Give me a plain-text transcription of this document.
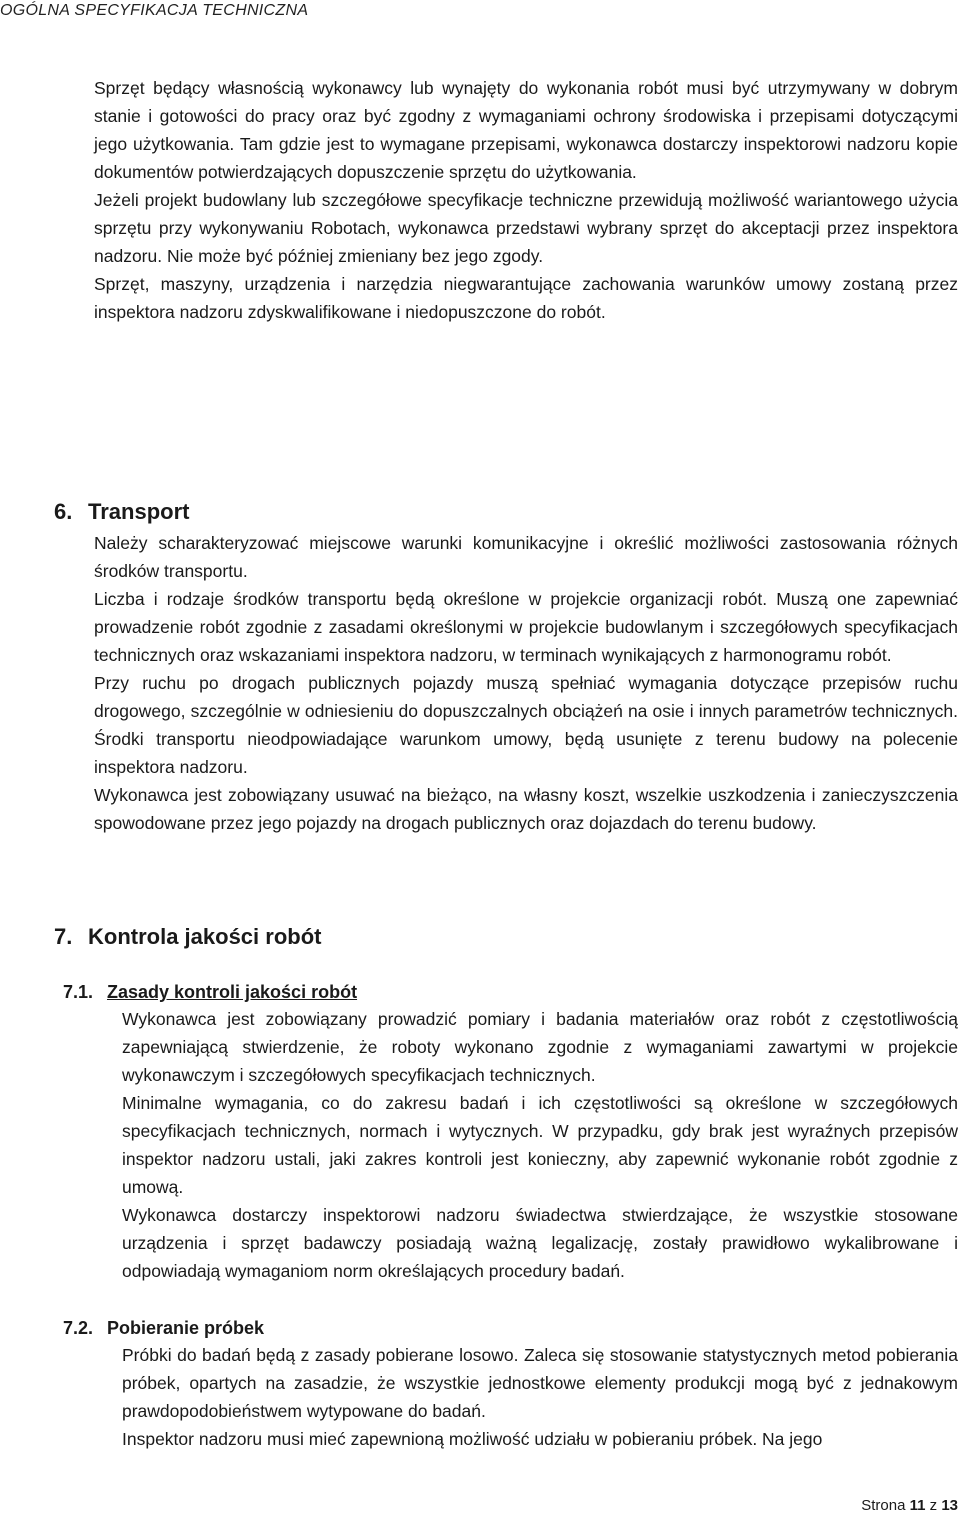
OGÓLNA SPECYFIKACJA TECHNICZNA

Sprzęt będący własnością wykonawcy lub wynajęty do wykonania robót musi być utrzymywany w dobrym stanie i gotowości do pracy oraz być zgodny z wymaganiami ochrony środowiska i przepisami dotyczącymi jego użytkowania. Tam gdzie jest to wymagane przepisami, wykonawca dostarczy inspektorowi nadzoru kopie dokumentów potwierdzających dopuszczenie sprzętu do użytkowania.

Jeżeli projekt budowlany lub szczegółowe specyfikacje techniczne przewidują możliwość wariantowego użycia sprzętu przy wykonywaniu Robotach, wykonawca przedstawi wybrany sprzęt do akceptacji przez inspektora nadzoru. Nie może być później zmieniany bez jego zgody.

Sprzęt, maszyny, urządzenia i narzędzia niegwarantujące zachowania warunków umowy zostaną przez inspektora nadzoru zdyskwalifikowane i niedopuszczone do robót.

6. Transport

Należy scharakteryzować miejscowe warunki komunikacyjne i określić możliwości zastosowania różnych środków transportu.

Liczba i rodzaje środków transportu będą określone w projekcie organizacji robót. Muszą one zapewniać prowadzenie robót zgodnie z zasadami określonymi w projekcie budowlanym i szczegółowych specyfikacjach technicznych oraz wskazaniami inspektora nadzoru, w terminach wynikających z harmonogramu robót.

Przy ruchu po drogach publicznych pojazdy muszą spełniać wymagania dotyczące przepisów ruchu drogowego, szczególnie w odniesieniu do dopuszczalnych obciążeń na osie i innych parametrów technicznych. Środki transportu nieodpowiadające warunkom umowy, będą usunięte z terenu budowy na polecenie inspektora nadzoru.

Wykonawca jest zobowiązany usuwać na bieżąco, na własny koszt, wszelkie uszkodzenia i zanieczyszczenia spowodowane przez jego pojazdy na drogach publicznych oraz dojazdach do terenu budowy.

7. Kontrola jakości robót
7.1. Zasady kontroli jakości robót

Wykonawca jest zobowiązany prowadzić pomiary i badania materiałów oraz robót z częstotliwością zapewniającą stwierdzenie, że roboty wykonano zgodnie z wymaganiami zawartymi w projekcie wykonawczym i szczegółowych specyfikacjach technicznych.

Minimalne wymagania, co do zakresu badań i ich częstotliwości są określone w szczegółowych specyfikacjach technicznych, normach i wytycznych. W przypadku, gdy brak jest wyraźnych przepisów inspektor nadzoru ustali, jaki zakres kontroli jest konieczny, aby zapewnić wykonanie robót zgodnie z umową.

Wykonawca dostarczy inspektorowi nadzoru świadectwa stwierdzające, że wszystkie stosowane urządzenia i sprzęt badawczy posiadają ważną legalizację, zostały prawidłowo wykalibrowane i odpowiadają wymaganiom norm określających procedury badań.

7.2. Pobieranie próbek

Próbki do badań będą z zasady pobierane losowo. Zaleca się stosowanie statystycznych metod pobierania próbek, opartych na zasadzie, że wszystkie jednostkowe elementy produkcji mogą być z jednakowym prawdopodobieństwem wytypowane do badań.

Inspektor nadzoru musi mieć zapewnioną możliwość udziału w pobieraniu próbek. Na jego

Strona 11 z 13
